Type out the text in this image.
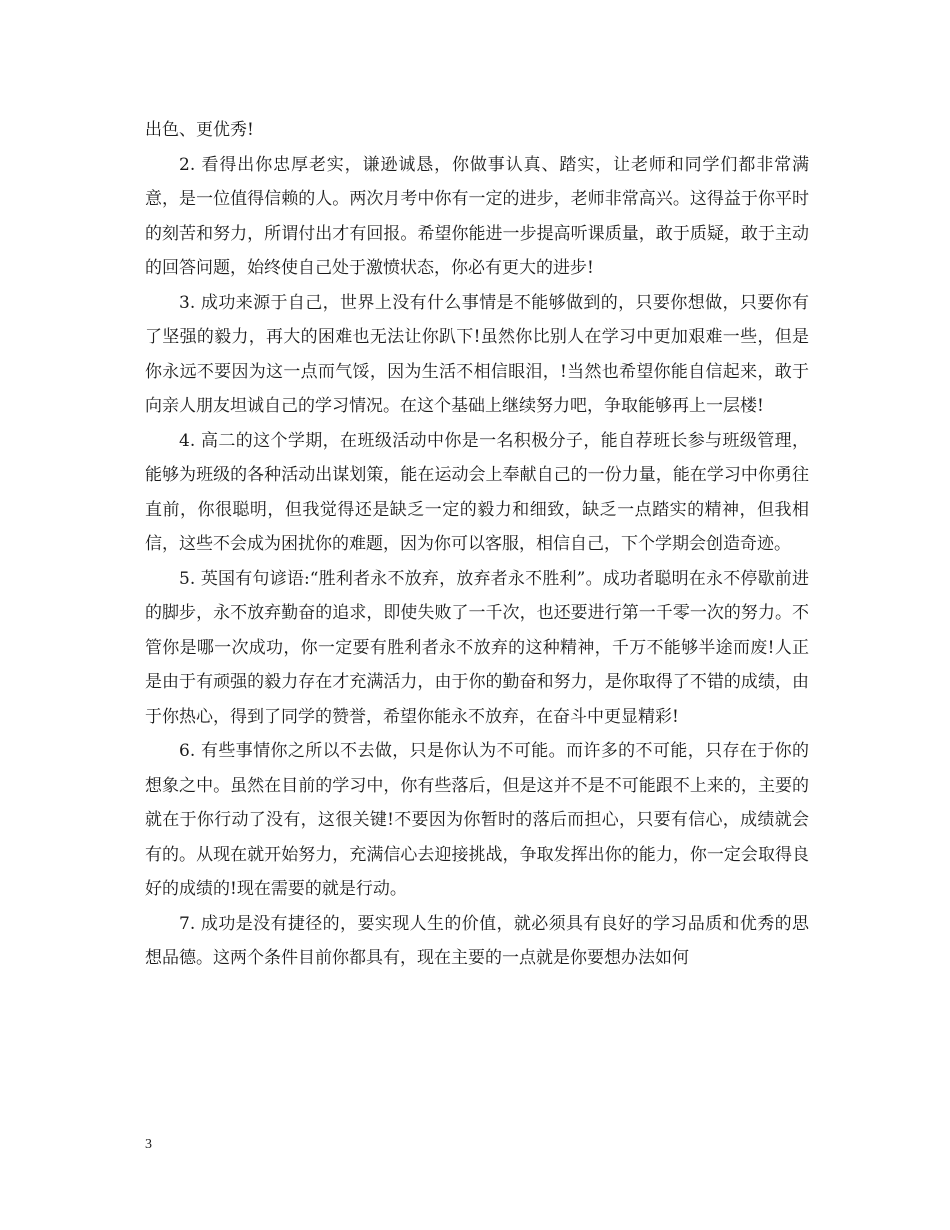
出色、更优秀!

2. 看得出你忠厚老实，谦逊诚恳，你做事认真、踏实，让老师和同学们都非常满意，是一位值得信赖的人。两次月考中你有一定的进步，老师非常高兴。这得益于你平时的刻苦和努力，所谓付出才有回报。希望你能进一步提高听课质量，敢于质疑，敢于主动的回答问题，始终使自己处于激愤状态，你必有更大的进步!

3. 成功来源于自己，世界上没有什么事情是不能够做到的，只要你想做，只要你有了坚强的毅力，再大的困难也无法让你趴下!虽然你比别人在学习中更加艰难一些，但是你永远不要因为这一点而气馁，因为生活不相信眼泪，!当然也希望你能自信起来，敢于向亲人朋友坦诚自己的学习情况。在这个基础上继续努力吧，争取能够再上一层楼!

4. 高二的这个学期，在班级活动中你是一名积极分子，能自荐班长参与班级管理，能够为班级的各种活动出谋划策，能在运动会上奉献自己的一份力量，能在学习中你勇往直前，你很聪明，但我觉得还是缺乏一定的毅力和细致，缺乏一点踏实的精神，但我相信，这些不会成为困扰你的难题，因为你可以客服，相信自己，下个学期会创造奇迹。

5. 英国有句谚语:“胜利者永不放弃，放弃者永不胜利”。成功者聪明在永不停歇前进的脚步，永不放弃勤奋的追求，即使失败了一千次，也还要进行第一千零一次的努力。不管你是哪一次成功，你一定要有胜利者永不放弃的这种精神，千万不能够半途而废!人正是由于有顽强的毅力存在才充满活力，由于你的勤奋和努力，是你取得了不错的成绩，由于你热心，得到了同学的赞誉，希望你能永不放弃，在奋斗中更显精彩!

6. 有些事情你之所以不去做，只是你认为不可能。而许多的不可能，只存在于你的想象之中。虽然在目前的学习中，你有些落后，但是这并不是不可能跟不上来的，主要的就在于你行动了没有，这很关键!不要因为你暂时的落后而担心，只要有信心，成绩就会有的。从现在就开始努力，充满信心去迎接挑战，争取发挥出你的能力，你一定会取得良好的成绩的!现在需要的就是行动。

7. 成功是没有捷径的，要实现人生的价值，就必须具有良好的学习品质和优秀的思想品德。这两个条件目前你都具有，现在主要的一点就是你要想办法如何

3
